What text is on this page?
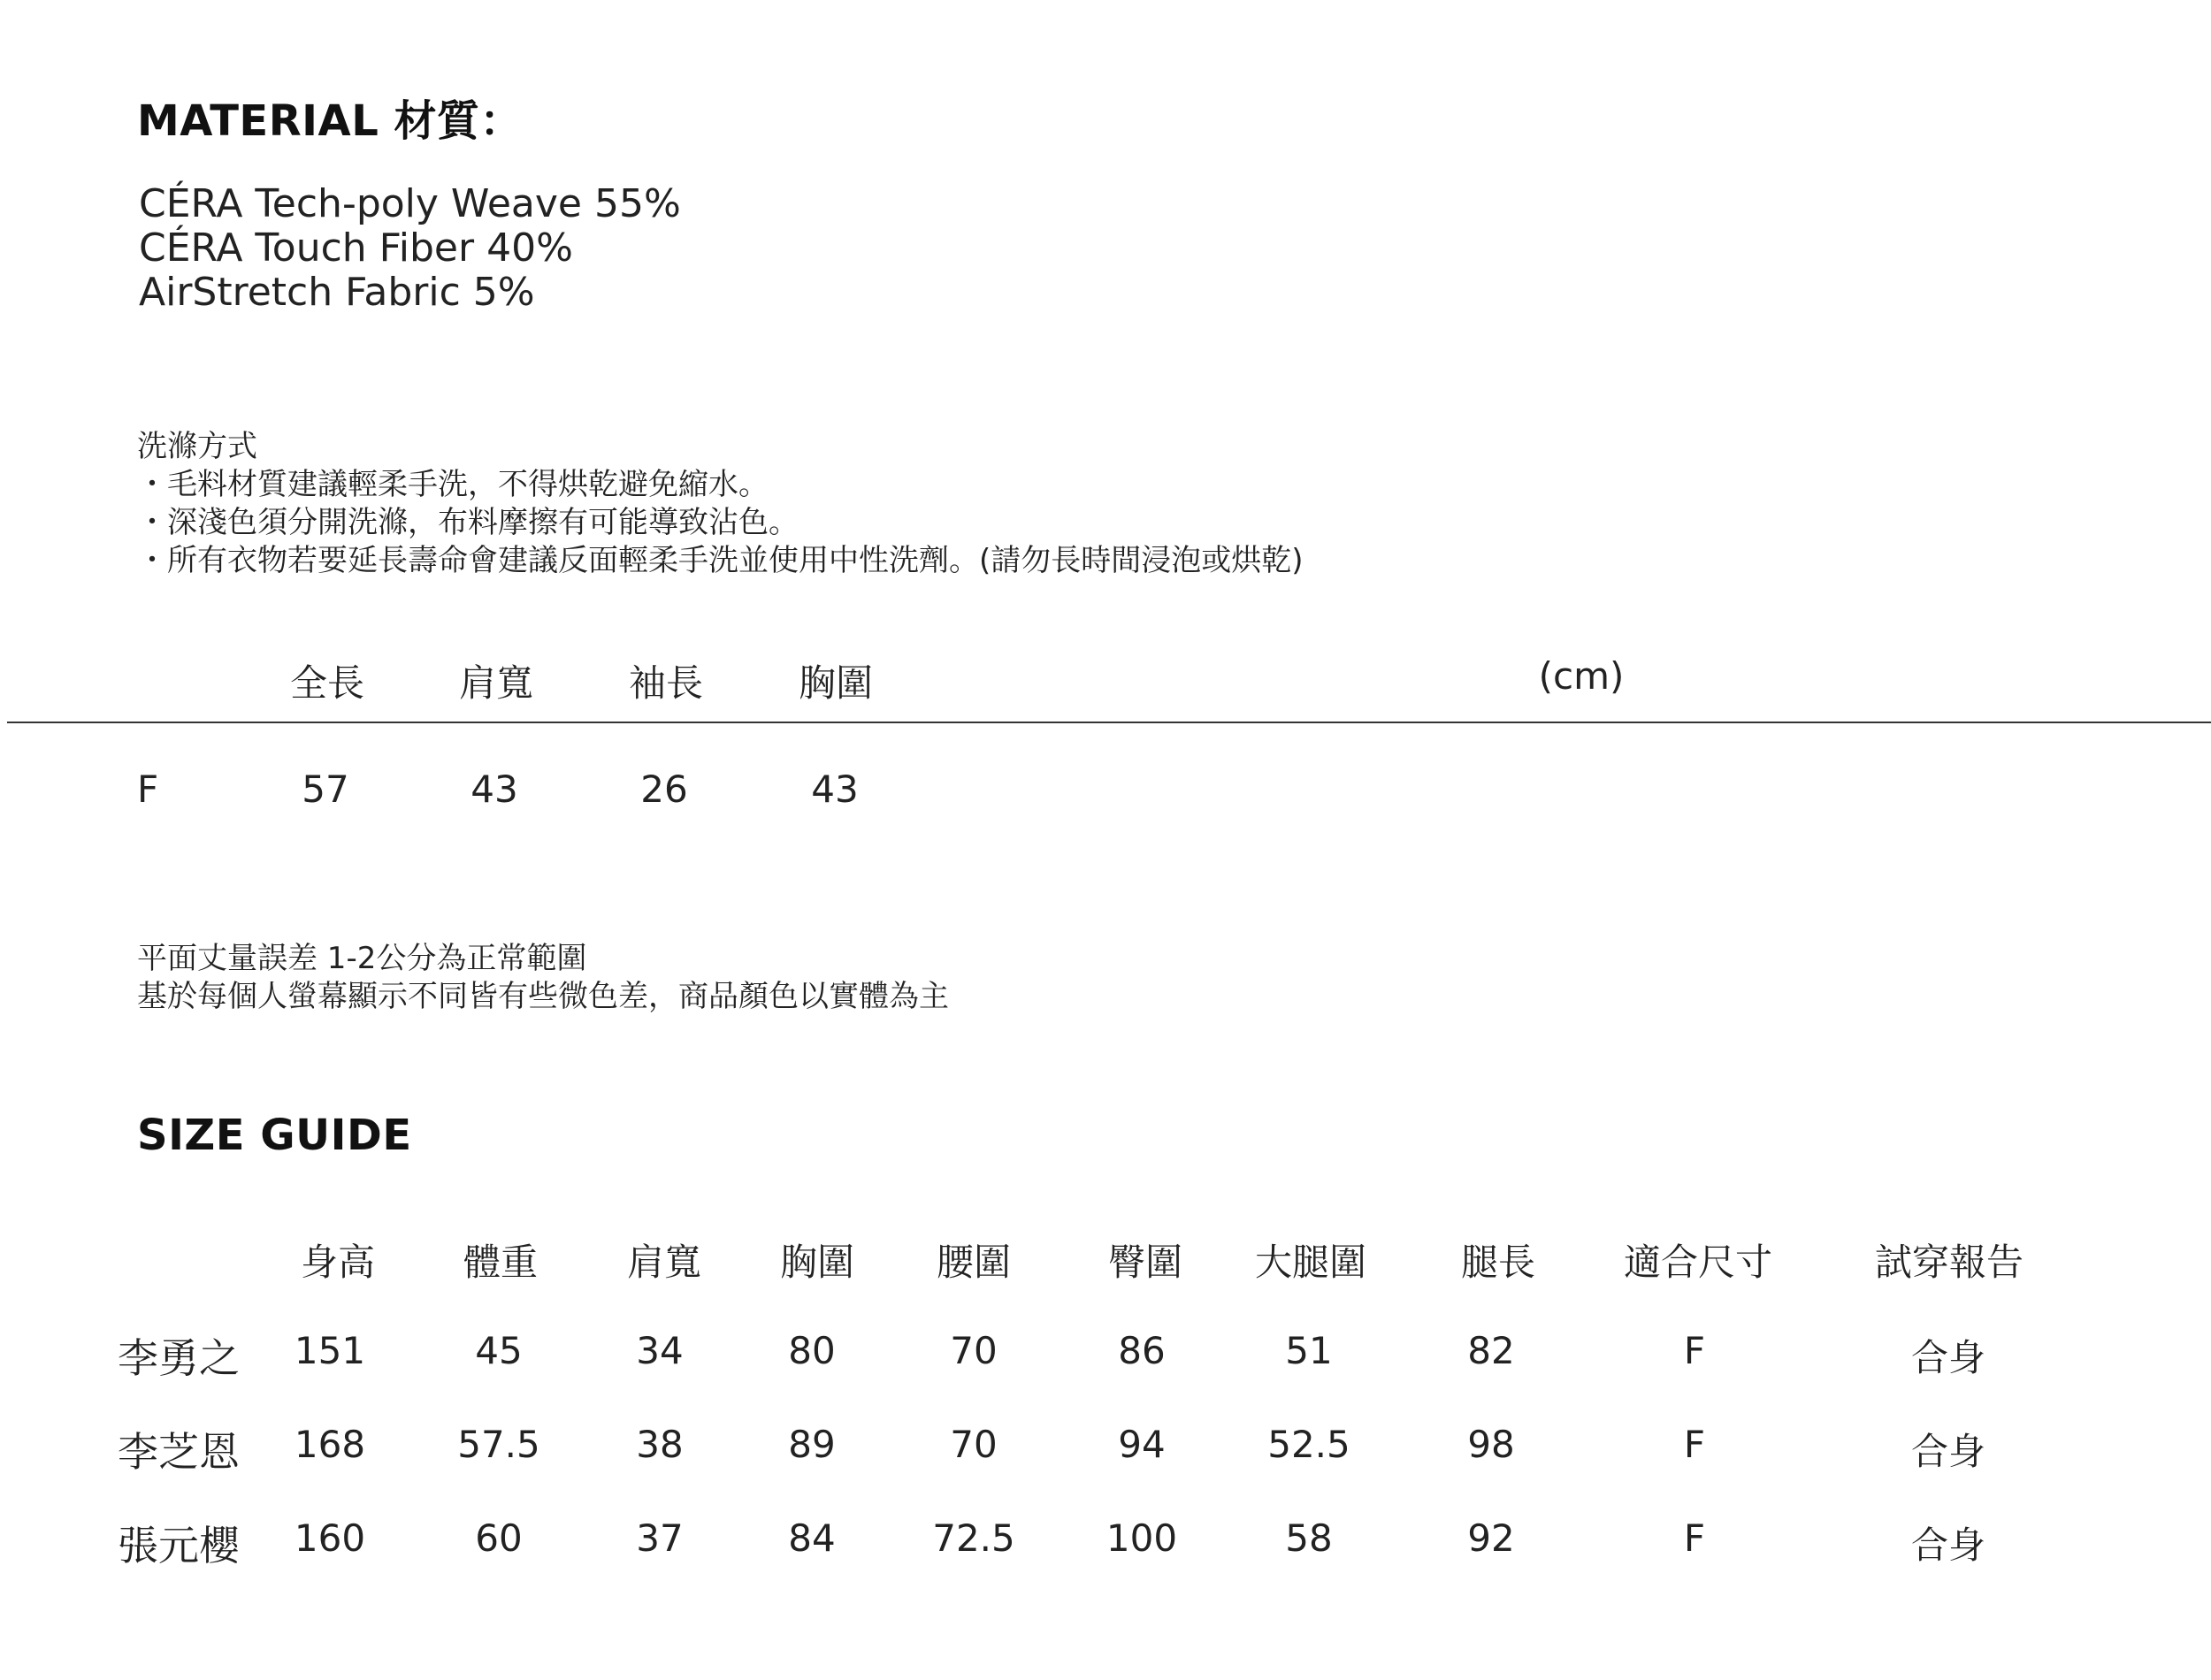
MATERIAL 材質：
CÉRA Tech-poly Weave 55%
CÉRA Touch Fiber 40%
AirStretch Fabric 5%
洗滌方式
・毛料材質建議輕柔手洗，不得烘乾避免縮水。
・深淺色須分開洗滌，布料摩擦有可能導致沾色。
・所有衣物若要延長壽命會建議反面輕柔手洗並使用中性洗劑。(請勿長時間浸泡或烘乾)
全長	肩寬	袖長	胸圍	(cm)
F	57	43	26	43
平面丈量誤差 1-2公分為正常範圍
基於每個人螢幕顯示不同皆有些微色差，商品顏色以實體為主
SIZE GUIDE
身高 體重 肩寬 胸圍 腰圍	臀圍 大腿圍	腿長 適合尺寸	試穿報告
李勇之 151	45	34	80	70	86	51	82	F	合身
李芝恩 168 57.5	38	89	70	94	52.5	98	F	合身
張元櫻 160	60	37	84	72.5 100	58	92	F	合身
